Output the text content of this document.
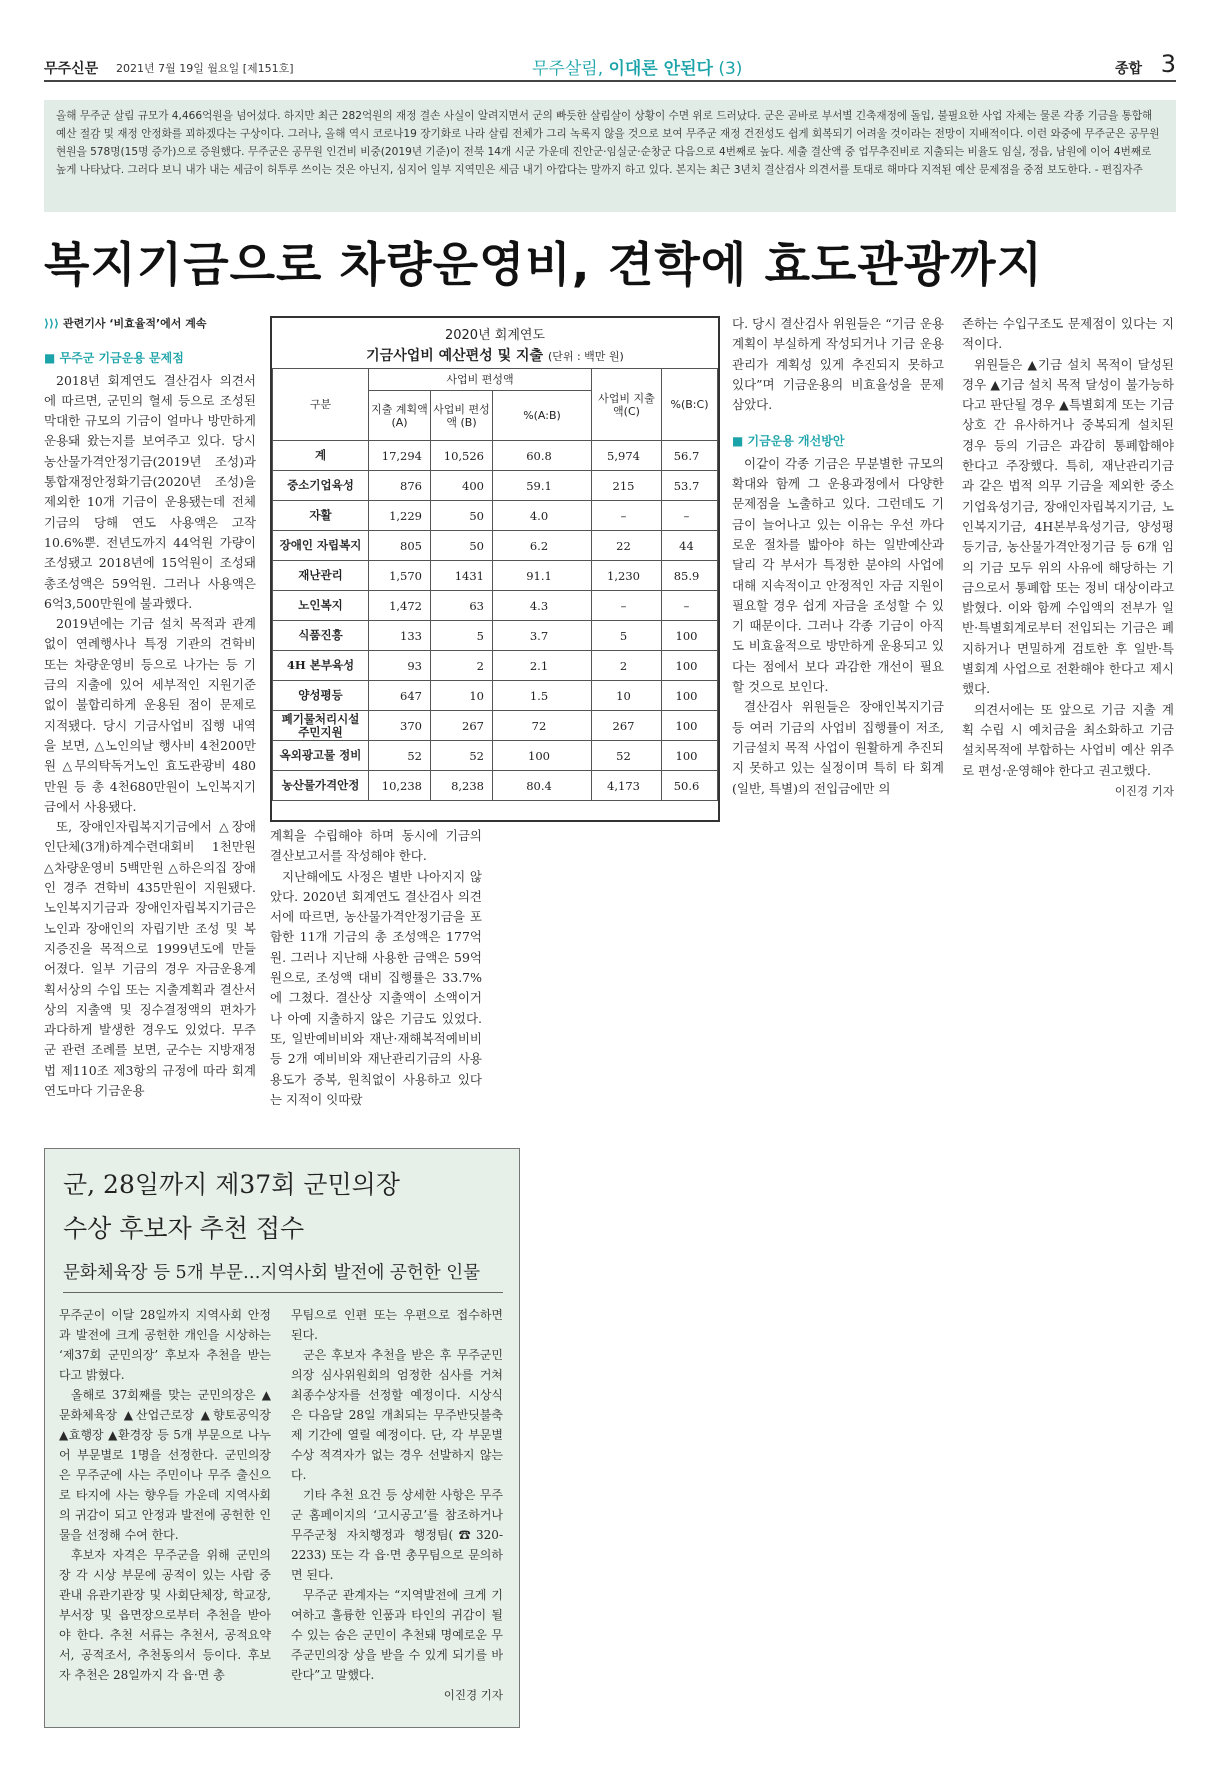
무주신문 2021년 7월 19일 월요일 [제151호]	무주살림, 이대론 안된다 (3)	종합 3
올해 무주군 살림 규모가 4,466억원을 넘어섰다. 하지만 최근 282억원의 재정 결손 사실이 알려지면서 군의 빠듯한 살림살이 상황이 수면 위로 드러났다. 군은 곧바로 부서별 긴축재정에 돌입, 불필요한 사업 자체는 물론 각종 기금을 통합해 예산 절감 및 재정 안정화를 꾀하겠다는 구상이다. 그러나, 올해 역시 코로나19 장기화로 나라 살림 전체가 그리 녹록지 않을 것으로 보여 무주군 재정 건전성도 쉽게 회복되기 어려울 것이라는 전망이 지배적이다. 이런 와중에 무주군은 공무원 현원을 578명(15명 증가)으로 증원했다. 무주군은 공무원 인건비 비중(2019년 기준)이 전북 14개 시군 가운데 진안군·임실군·순창군 다음으로 4번째로 높다. 세출 결산액 중 업무추진비로 지출되는 비율도 임실, 정읍, 남원에 이어 4번째로 높게 나타났다. 그러다 보니 내가 내는 세금이 허투루 쓰이는 것은 아닌지, 심지어 일부 지역민은 세금 내기 아깝다는 말까지 하고 있다. 본지는 최근 3년치 결산검사 의견서를 토대로 해마다 지적된 예산 문제점을 중점 보도한다. - 편집자주
복지기금으로 차량운영비, 견학에 효도관광까지
⟩⟩⟩ 관련기사 ‘비효율적’에서 계속
■ 무주군 기금운용 문제점

2018년 회계연도 결산검사 의견서에 따르면, 군민의 혈세 등으로 조성된 막대한 규모의 기금이 얼마나 방만하게 운용돼 왔는지를 보여주고 있다. 당시 농산물가격안정기금(2019년 조성)과 통합재정안정화기금(2020년 조성)을 제외한 10개 기금이 운용됐는데 전체기금의 당해 연도 사용액은 고작 10.6%뿐. 전년도까지 44억원 가량이 조성됐고 2018년에 15억원이 조성돼 총조성액은 59억원. 그러나 사용액은 6억3,500만원에 불과했다.

2019년에는 기금 설치 목적과 관계없이 연례행사나 특정 기관의 견학비 또는 차량운영비 등으로 나가는 등 기금의 지출에 있어 세부적인 지원기준 없이 불합리하게 운용된 점이 문제로 지적됐다. 당시 기금사업비 집행 내역을 보면, △노인의날 행사비 4천200만원 △무의탁독거노인 효도관광비 480만원 등 총 4천680만원이 노인복지기금에서 사용됐다.

또, 장애인자립복지기금에서 △장애인단체(3개)하계수련대회비 1천만원 △차량운영비 5백만원 △하은의집 장애인 경주 견학비 435만원이 지원됐다. 노인복지기금과 장애인자립복지기금은 노인과 장애인의 자립기반 조성 및 복지증진을 목적으로 1999년도에 만들어졌다. 일부 기금의 경우 자금운용계획서상의 수입 또는 지출계획과 결산서 상의 지출액 및 징수결정액의 편차가 과다하게 발생한 경우도 있었다. 무주군 관련 조례를 보면, 군수는 지방재정법 제110조 제3항의 규정에 따라 회계연도마다 기금운용

2020년 회계연도
기금사업비 예산편성 및 지출 (단위 : 백만 원)
구분	사업비 편성액			사업비 지출액(C)	%(B:C)
	지출 계획액 (A)	사업비 편성액 (B)	%(A:B)		
계	17,294	10,526	60.8	5,974	56.7
중소기업육성	876	400	59.1	215	53.7
자활	1,229	50	4.0	–	–
장애인 자립복지	805	50	6.2	22	44
재난관리	1,570	1431	91.1	1,230	85.9
노인복지	1,472	63	4.3	–	–
식품진흥	133	5	3.7	5	100
4H 본부육성	93	2	2.1	2	100
양성평등	647	10	1.5	10	100
폐기물처리시설 주민지원	370	267	72	267	100
옥외광고물 정비	52	52	100	52	100
농산물가격안정	10,238	8,238	80.4	4,173	50.6

계획을 수립해야 하며 동시에 기금의 결산보고서를 작성해야 한다.

지난해에도 사정은 별반 나아지지 않았다. 2020년 회계연도 결산검사 의견서에 따르면, 농산물가격안정기금을 포함한 11개 기금의 총 조성액은 177억원. 그러나 지난해 사용한 금액은 59억원으로, 조성액 대비 집행률은 33.7%에 그쳤다. 결산상 지출액이 소액이거나 아예 지출하지 않은 기금도 있었다. 또, 일반예비비와 재난·재해복적예비비 등 2개 예비비와 재난관리기금의 사용 용도가 중복, 원칙없이 사용하고 있다는 지적이 잇따랐

다. 당시 결산검사 위원들은 “기금 운용계획이 부실하게 작성되거나 기금 운용관리가 계획성 있게 추진되지 못하고 있다”며 기금운용의 비효율성을 문제 삼았다.

■ 기금운용 개선방안

이같이 각종 기금은 무분별한 규모의 확대와 함께 그 운용과정에서 다양한 문제점을 노출하고 있다. 그런데도 기금이 늘어나고 있는 이유는 우선 까다로운 절차를 밟아야 하는 일반예산과 달리 각 부서가 특정한 분야의 사업에 대해 지속적이고 안정적인 자금 지원이 필요할 경우 쉽게 자금을 조성할 수 있기 때문이다. 그러나 각종 기금이 아직도 비효율적으로 방만하게 운용되고 있다는 점에서 보다 과감한 개선이 필요할 것으로 보인다.

결산검사 위원들은 장애인복지기금 등 여러 기금의 사업비 집행률이 저조, 기금설치 목적 사업이 원활하게 추진되지 못하고 있는 실정이며 특히 타 회계(일반, 특별)의 전입금에만 의

존하는 수입구조도 문제점이 있다는 지적이다.

위원들은 ▲기금 설치 목적이 달성된 경우 ▲기금 설치 목적 달성이 불가능하다고 판단될 경우 ▲특별회계 또는 기금 상호 간 유사하거나 중복되게 설치된 경우 등의 기금은 과감히 통폐합해야 한다고 주장했다. 특히, 재난관리기금과 같은 법적 의무 기금을 제외한 중소기업육성기금, 장애인자립복지기금, 노인복지기금, 4H본부육성기금, 양성평등기금, 농산물가격안정기금 등 6개 임의 기금 모두 위의 사유에 해당하는 기금으로서 통폐합 또는 정비 대상이라고 밝혔다. 이와 함께 수입액의 전부가 일반·특별회계로부터 전입되는 기금은 폐지하거나 면밀하게 검토한 후 일반·특별회계 사업으로 전환해야 한다고 제시했다.

의견서에는 또 앞으로 기금 지출 계획 수립 시 예치금을 최소화하고 기금 설치목적에 부합하는 사업비 예산 위주로 편성·운영해야 한다고 권고했다.

이진경 기자
군, 28일까지 제37회 군민의장
수상 후보자 추천 접수
문화체육장 등 5개 부문…지역사회 발전에 공헌한 인물

무주군이 이달 28일까지 지역사회 안정과 발전에 크게 공헌한 개인을 시상하는 ‘제37회 군민의장’ 후보자 추천을 받는다고 밝혔다.

올해로 37회째를 맞는 군민의장은 ▲문화체육장 ▲산업근로장 ▲향토공익장 ▲효행장 ▲환경장 등 5개 부문으로 나누어 부문별로 1명을 선정한다. 군민의장은 무주군에 사는 주민이나 무주 출신으로 타지에 사는 향우들 가운데 지역사회의 귀감이 되고 안정과 발전에 공헌한 인물을 선정해 수여 한다.

후보자 자격은 무주군을 위해 군민의장 각 시상 부문에 공적이 있는 사람 중 관내 유관기관장 및 사회단체장, 학교장, 부서장 및 읍면장으로부터 추천을 받아야 한다. 추천 서류는 추천서, 공적요약서, 공적조서, 추천동의서 등이다. 후보자 추천은 28일까지 각 읍·면 총

무팀으로 인편 또는 우편으로 접수하면 된다.

군은 후보자 추천을 받은 후 무주군민의장 심사위원회의 엄정한 심사를 거쳐 최종수상자를 선정할 예정이다. 시상식은 다음달 28일 개최되는 무주반딧불축제 기간에 열릴 예정이다. 단, 각 부문별 수상 적격자가 없는 경우 선발하지 않는다.

기타 추천 요건 등 상세한 사항은 무주군 홈페이지의 ‘고시공고’를 참조하거나 무주군청 자치행정과 행정팀(☎320-2233) 또는 각 읍·면 총무팀으로 문의하면 된다.

무주군 관계자는 “지역발전에 크게 기여하고 훌륭한 인품과 타인의 귀감이 될 수 있는 숨은 군민이 추천돼 명예로운 무주군민의장 상을 받을 수 있게 되기를 바란다”고 말했다.

이진경 기자
